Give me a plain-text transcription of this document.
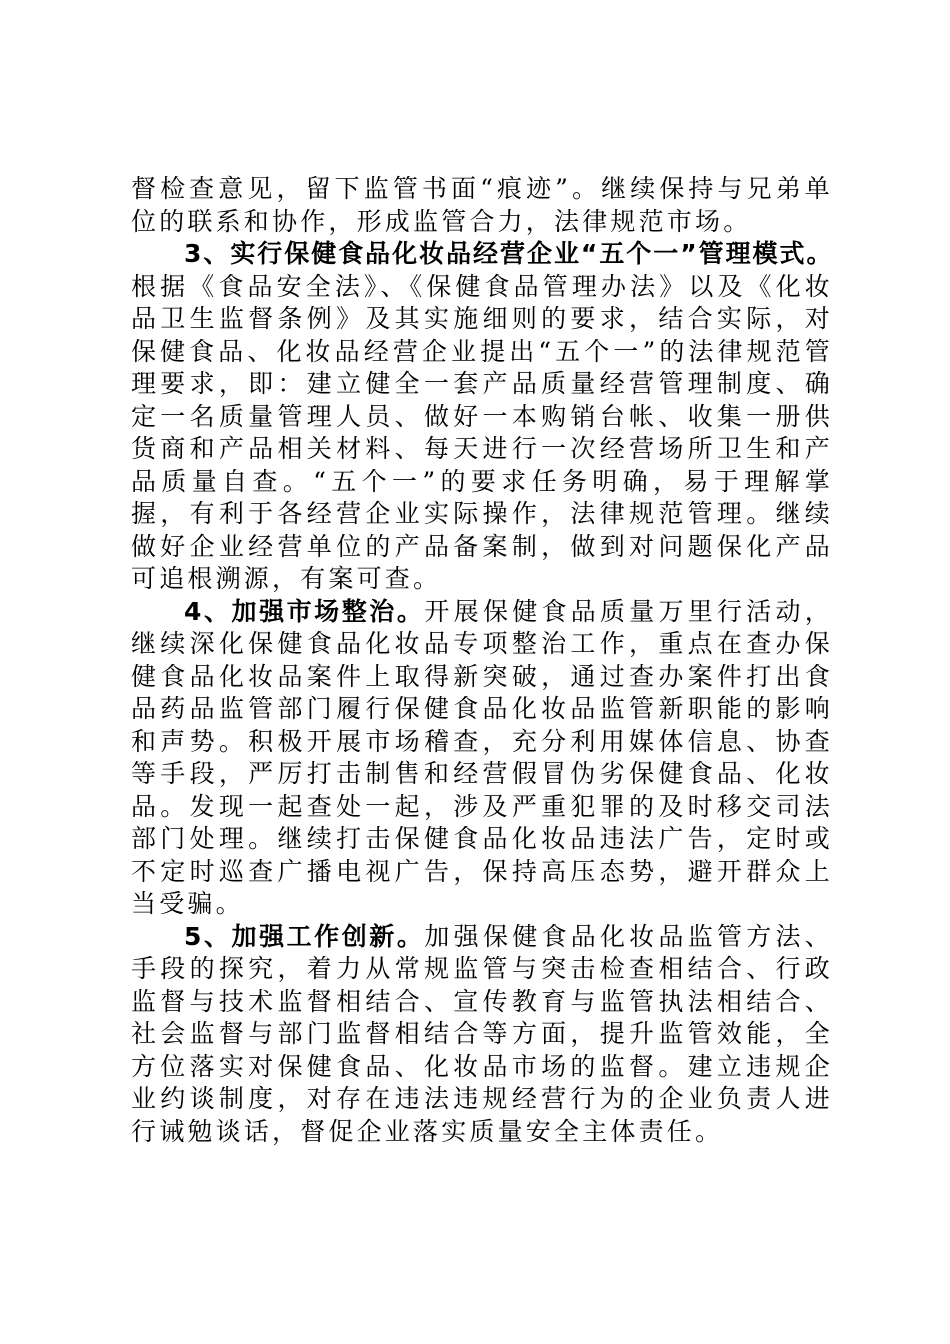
督检查意见，留下监管书面“痕迹”。继续保持与兄弟单位的联系和协作，形成监管合力，法律规范市场。

3、实行保健食品化妆品经营企业“五个一”管理模式。根据《食品安全法》、《保健食品管理办法》以及《化妆品卫生监督条例》及其实施细则的要求，结合实际，对保健食品、化妆品经营企业提出“五个一”的法律规范管理要求，即：建立健全一套产品质量经营管理制度、确定一名质量管理人员、做好一本购销台帐、收集一册供货商和产品相关材料、每天进行一次经营场所卫生和产品质量自查。“五个一”的要求任务明确，易于理解掌握，有利于各经营企业实际操作，法律规范管理。继续做好企业经营单位的产品备案制，做到对问题保化产品可追根溯源，有案可查。

4、加强市场整治。开展保健食品质量万里行活动，继续深化保健食品化妆品专项整治工作，重点在查办保健食品化妆品案件上取得新突破，通过查办案件打出食品药品监管部门履行保健食品化妆品监管新职能的影响和声势。积极开展市场稽查，充分利用媒体信息、协查等手段，严厉打击制售和经营假冒伪劣保健食品、化妆品。发现一起查处一起，涉及严重犯罪的及时移交司法部门处理。继续打击保健食品化妆品违法广告，定时或不定时巡查广播电视广告，保持高压态势，避开群众上当受骗。

5、加强工作创新。加强保健食品化妆品监管方法、手段的探究，着力从常规监管与突击检查相结合、行政监督与技术监督相结合、宣传教育与监管执法相结合、社会监督与部门监督相结合等方面，提升监管效能，全方位落实对保健食品、化妆品市场的监督。建立违规企业约谈制度，对存在违法违规经营行为的企业负责人进行诫勉谈话，督促企业落实质量安全主体责任。
